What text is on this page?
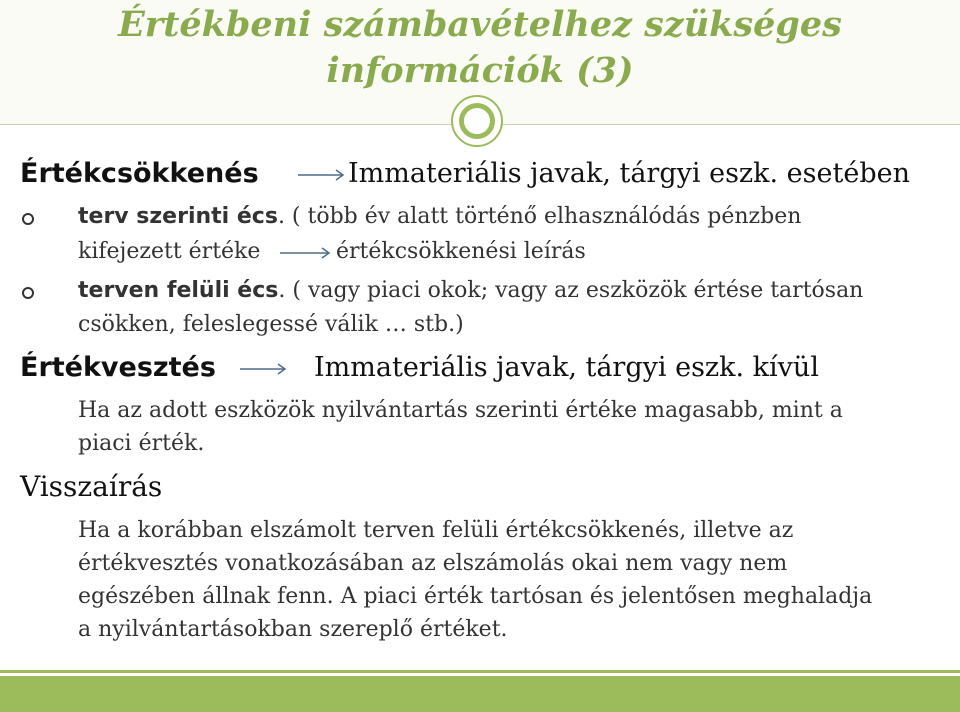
Értékbeni számbavételhez szükséges
információk (3)
Értékcsökkenés	Immateriális javak, tárgyi eszk. esetében
terv szerinti écs. ( több év alatt történő elhasználódás pénzben
kifejezett értéke	értékcsökkenési leírás
terven felüli écs. ( vagy piaci okok; vagy az eszközök értése tartósan
csökken, feleslegessé válik … stb.)
Értékvesztés	Immateriális javak, tárgyi eszk. kívül
Ha az adott eszközök nyilvántartás szerinti értéke magasabb, mint a
piaci érték.
Visszaírás
Ha a korábban elszámolt terven felüli értékcsökkenés, illetve az
értékvesztés vonatkozásában az elszámolás okai nem vagy nem
egészében állnak fenn. A piaci érték tartósan és jelentősen meghaladja
a nyilvántartásokban szereplő értéket.
